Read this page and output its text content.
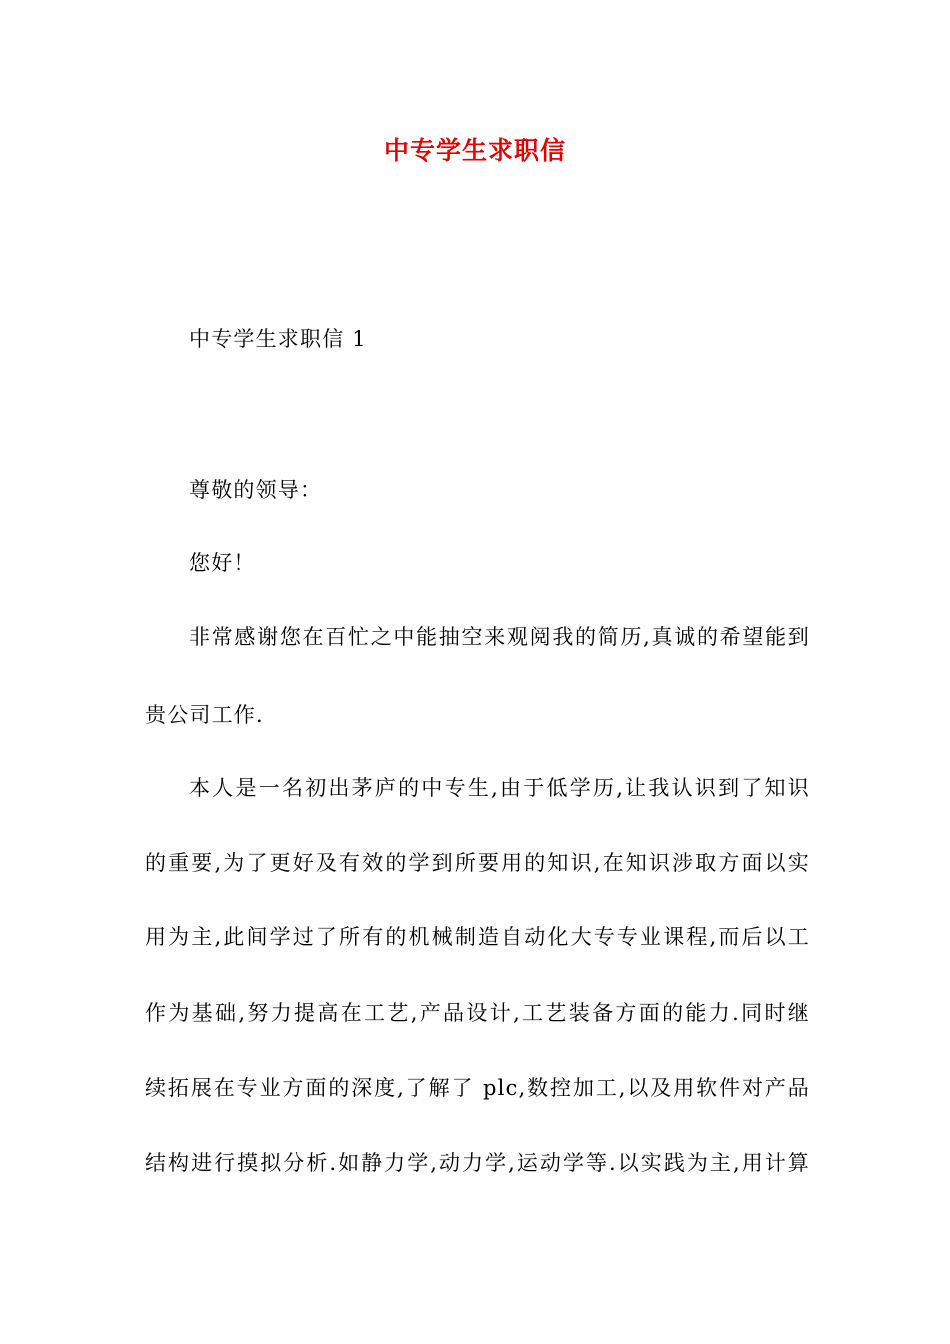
中专学生求职信
中专学生求职信 1
尊敬的领导：
您好！
非常感谢您在百忙之中能抽空来观阅我的简历,真诚的希望能到
贵公司工作.
本人是一名初出茅庐的中专生,由于低学历,让我认识到了知识
的重要,为了更好及有效的学到所要用的知识,在知识涉取方面以实
用为主,此间学过了所有的机械制造自动化大专专业课程,而后以工
作为基础,努力提高在工艺,产品设计,工艺装备方面的能力.同时继
续拓展在专业方面的深度,了解了 plc,数控加工,以及用软件对产品
结构进行摸拟分析.如静力学,动力学,运动学等.以实践为主,用计算
